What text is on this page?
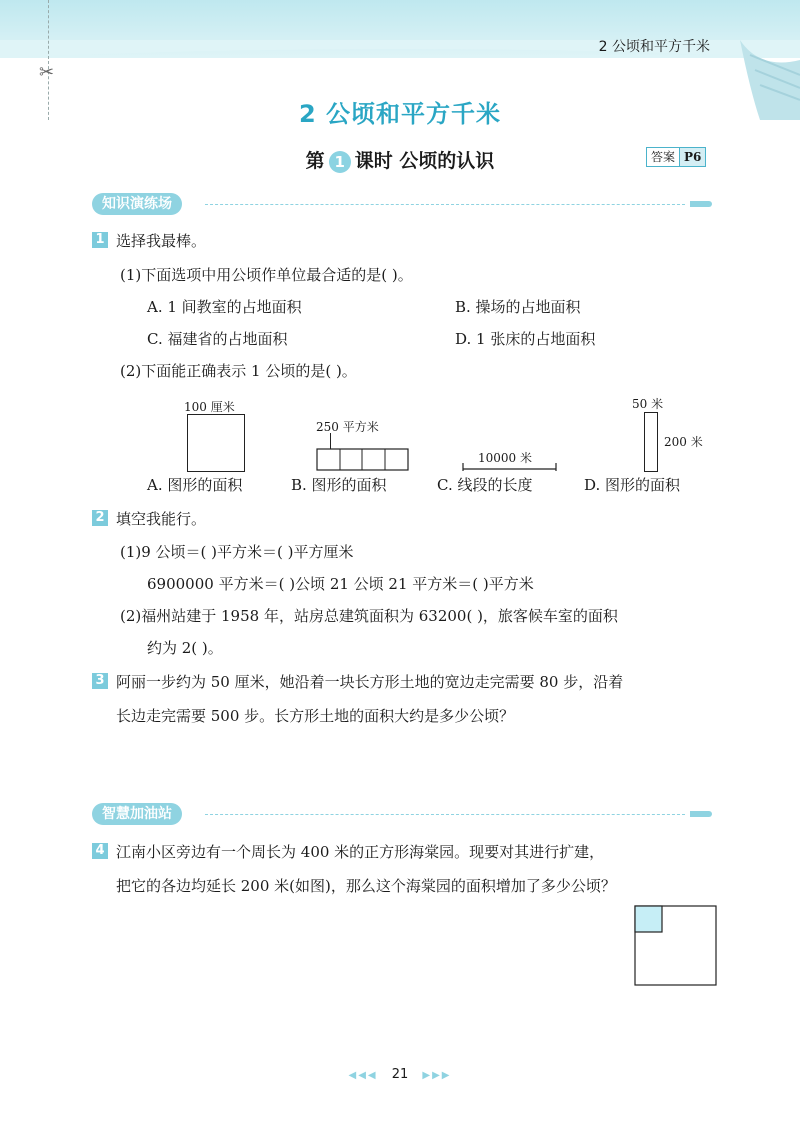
✂
2 公顷和平方千米
2 公顷和平方千米
第 1 课时 公顷的认识	答案 P6
知识演练场
1 选择我最棒。
(1)下面选项中用公顷作单位最合适的是( )。
A. 1 间教室的占地面积	B. 操场的占地面积
C. 福建省的占地面积	D. 1 张床的占地面积
(2)下面能正确表示 1 公顷的是( )。
100 厘米
250 平方米
10000 米
50 米
200 米
A. 图形的面积	B. 图形的面积	C. 线段的长度	D. 图形的面积
2 填空我能行。
(1)9 公顷＝( )平方米＝( )平方厘米
6900000 平方米＝( )公顷 21 公顷 21 平方米＝( )平方米
(2)福州站建于 1958 年，站房总建筑面积为 63200( )，旅客候车室的面积
约为 2( )。
3 阿丽一步约为 50 厘米，她沿着一块长方形土地的宽边走完需要 80 步，沿着
长边走完需要 500 步。长方形土地的面积大约是多少公顷？
智慧加油站
4 江南小区旁边有一个周长为 400 米的正方形海棠园。现要对其进行扩建，
把它的各边均延长 200 米(如图)，那么这个海棠园的面积增加了多少公顷？
◀◀◀ 21 ▶▶▶
